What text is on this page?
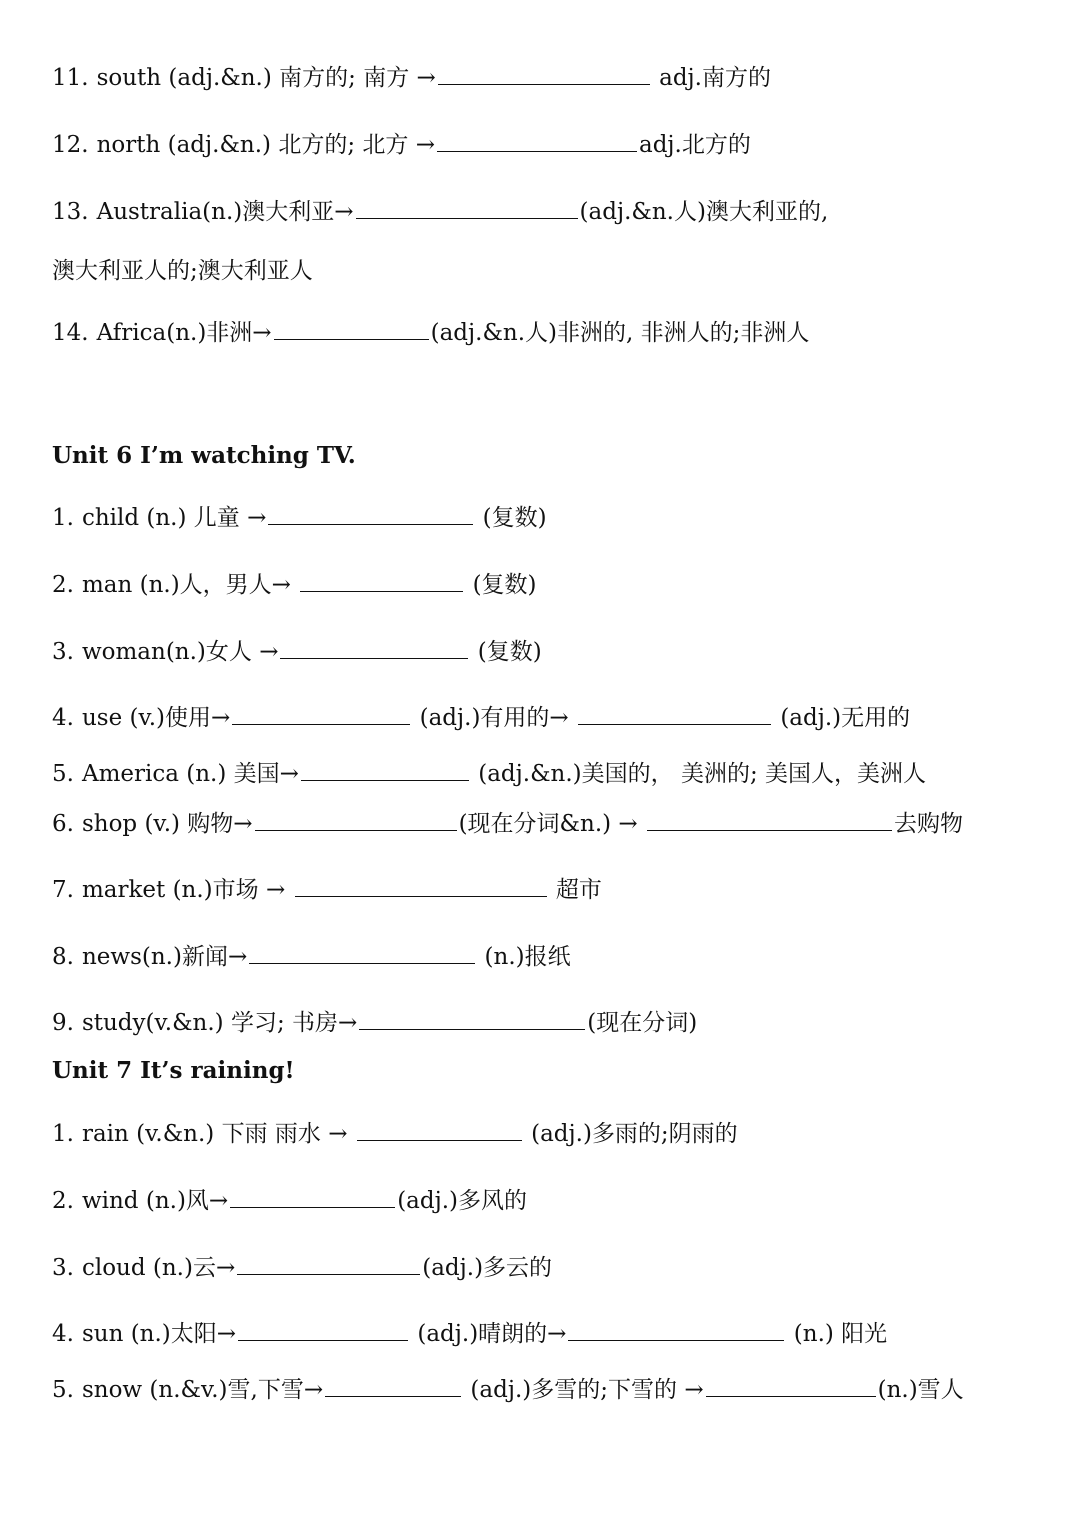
11. south (adj.&n.) 南方的; 南方 →	adj.南方的
12. north (adj.&n.) 北方的; 北方 →	adj.北方的
13. Australia(n.)澳大利亚→	(adj.&n.人)澳大利亚的,
澳大利亚人的;澳大利亚人
14. Africa(n.)非洲→	(adj.&n.人)非洲的, 非洲人的;非洲人
Unit 6 I’m watching TV.
1. child (n.) 儿童 →	(复数)
2. man (n.)人，男人→	(复数)
3. woman(n.)女人 →	(复数)
4. use (v.)使用→	(adj.)有用的→	(adj.)无用的
5. America (n.) 美国→	(adj.&n.)美国的， 美洲的; 美国人，美洲人
6. shop (v.) 购物→	(现在分词&n.) →	去购物
7. market (n.)市场 →	超市
8. news(n.)新闻→	(n.)报纸
9. study(v.&n.) 学习; 书房→	(现在分词)
Unit 7 It’s raining!
1. rain (v.&n.) 下雨 雨水 →	(adj.)多雨的;阴雨的
2. wind (n.)风→	(adj.)多风的
3. cloud (n.)云→	(adj.)多云的
4. sun (n.)太阳→	(adj.)晴朗的→	(n.) 阳光
5. snow (n.&v.)雪,下雪→	(adj.)多雪的;下雪的 →	(n.)雪人
